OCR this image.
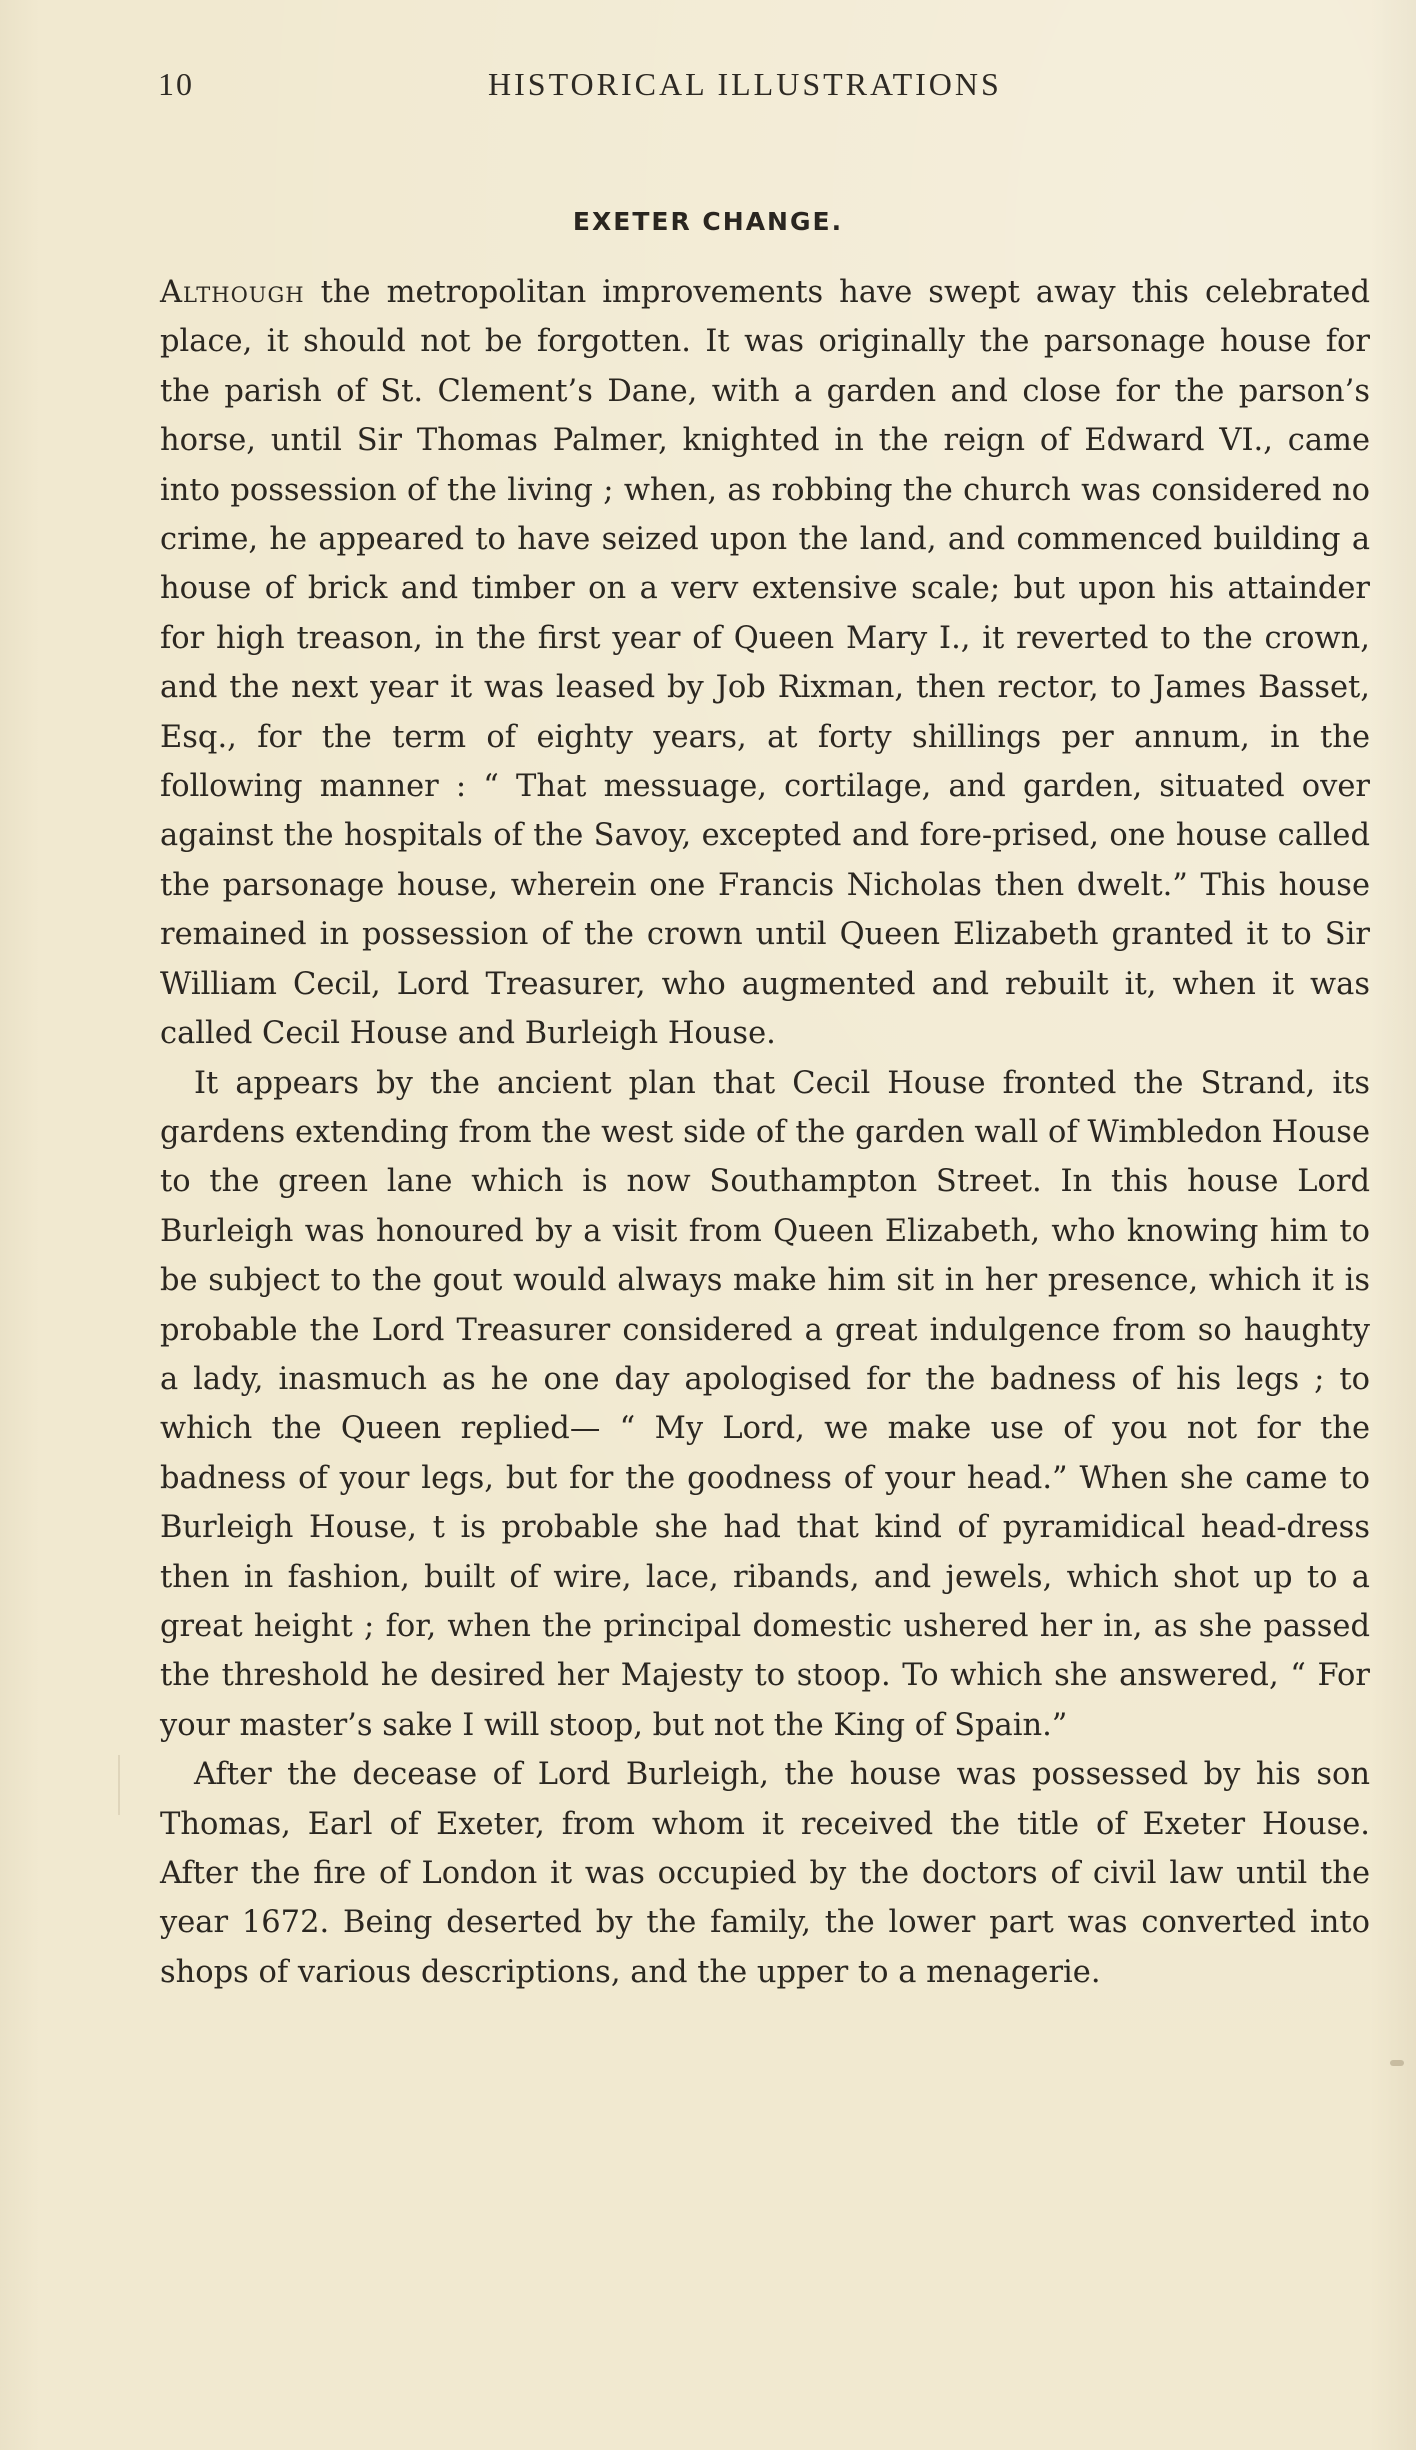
10	HISTORICAL ILLUSTRATIONS
EXETER CHANGE.

Although the metropolitan improvements have swept away this celebrated place, it should not be forgotten. It was originally the parsonage house for the parish of St. Clement’s Dane, with a garden and close for the parson’s horse, until Sir Thomas Palmer, knighted in the reign of Edward VI., came into possession of the living ; when, as robbing the church was considered no crime, he appeared to have seized upon the land, and commenced building a house of brick and timber on a verv extensive scale; but upon his attainder for high treason, in the first year of Queen Mary I., it reverted to the crown, and the next year it was leased by Job Rixman, then rector, to James Basset, Esq., for the term of eighty years, at forty shillings per annum, in the following manner : “ That messuage, cortilage, and garden, situated over against the hospitals of the Savoy, excepted and fore-prised, one house called the parsonage house, wherein one Francis Nicholas then dwelt.” This house remained in possession of the crown until Queen Elizabeth granted it to Sir William Cecil, Lord Treasurer, who augmented and rebuilt it, when it was called Cecil House and Burleigh House.

It appears by the ancient plan that Cecil House fronted the Strand, its gardens extending from the west side of the garden wall of Wimbledon House to the green lane which is now Southampton Street. In this house Lord Burleigh was honoured by a visit from Queen Elizabeth, who knowing him to be subject to the gout would always make him sit in her presence, which it is probable the Lord Treasurer considered a great indulgence from so haughty a lady, inasmuch as he one day apologised for the badness of his legs ; to which the Queen replied— “ My Lord, we make use of you not for the badness of your legs, but for the goodness of your head.” When she came to Burleigh House, t is probable she had that kind of pyramidical head-dress then in fashion, built of wire, lace, ribands, and jewels, which shot up to a great height ; for, when the principal domestic ushered her in, as she passed the threshold he desired her Majesty to stoop. To which she answered, “ For your master’s sake I will stoop, but not the King of Spain.”

After the decease of Lord Burleigh, the house was possessed by his son Thomas, Earl of Exeter, from whom it received the title of Exeter House. After the fire of London it was occupied by the doctors of civil law until the year 1672. Being deserted by the family, the lower part was converted into shops of various descriptions, and the upper to a menagerie.
